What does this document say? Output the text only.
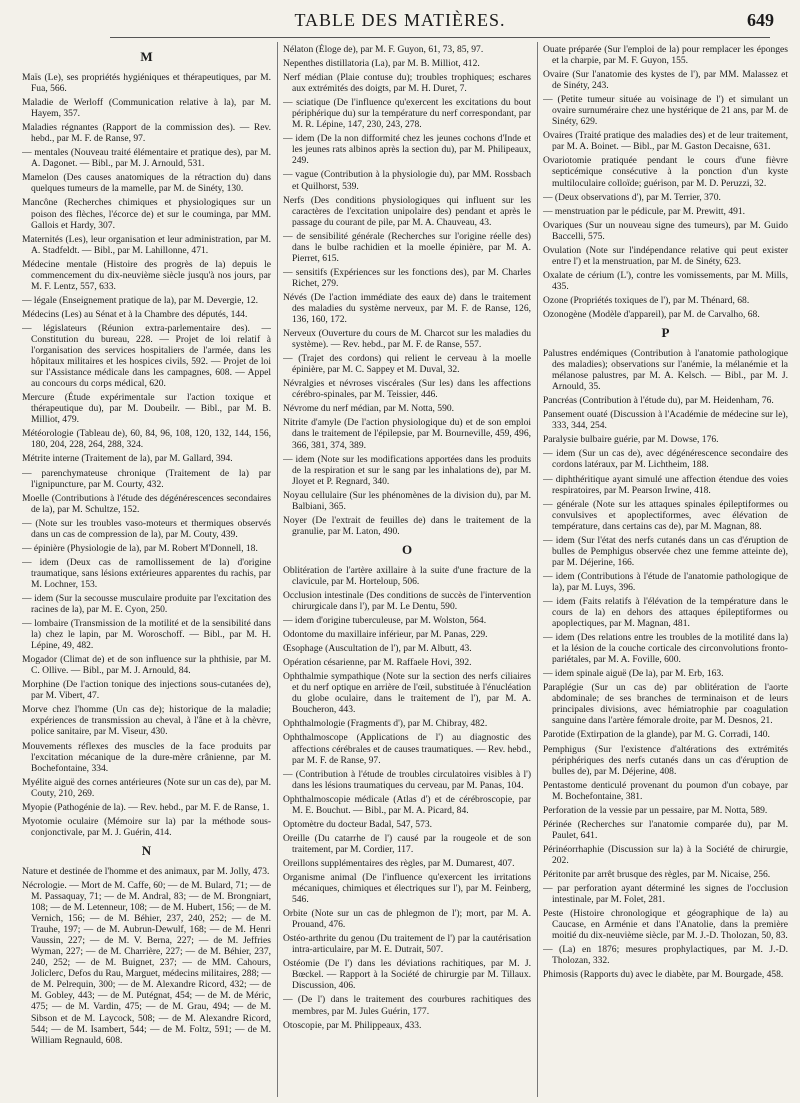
TABLE DES MATIÈRES.	649
M
Maïs (Le), ses propriétés hygiéniques et thérapeutiques, par M. Fua, 566.
Maladie de Werloff (Communication relative à la), par M. Hayem, 357.
Maladies régnantes (Rapport de la commission des). — Rev. hebd., par M. F. de Ranse, 97.
— mentales (Nouveau traité élémentaire et pratique des), par M. A. Dagonet. — Bibl., par M. J. Arnould, 531.
Mamelon (Des causes anatomiques de la rétraction du) dans quelques tumeurs de la mamelle, par M. de Sinéty, 130.
Mancône (Recherches chimiques et physiologiques sur un poison des flèches, l'écorce de) et sur le couminga, par MM. Gallois et Hardy, 307.
Maternités (Les), leur organisation et leur administration, par M. A. Stadfeldt. — Bibl., par M. Lahillonne, 471.
Médecine mentale (Histoire des progrès de la) depuis le commencement du dix-neuvième siècle jusqu'à nos jours, par M. F. Lentz, 557, 633.
— légale (Enseignement pratique de la), par M. Devergie, 12.
Médecins (Les) au Sénat et à la Chambre des députés, 144.
— législateurs (Réunion extra-parlementaire des). — Constitution du bureau, 228. — Projet de loi relatif à l'organisation des services hospitaliers de l'armée, dans les hôpitaux militaires et les hospices civils, 592. — Projet de loi sur l'Assistance médicale dans les campagnes, 608. — Appel au concours du corps médical, 620.
Mercure (Étude expérimentale sur l'action toxique et thérapeutique du), par M. Doubeilr. — Bibl., par M. B. Milliot, 479.
Météorologie (Tableau de), 60, 84, 96, 108, 120, 132, 144, 156, 180, 204, 228, 264, 288, 324.
Métrite interne (Traitement de la), par M. Gallard, 394.
— parenchymateuse chronique (Traitement de la) par l'ignipuncture, par M. Courty, 432.
Moelle (Contributions à l'étude des dégénérescences secondaires de la), par M. Schultze, 152.
— (Note sur les troubles vaso-moteurs et thermiques observés dans un cas de compression de la), par M. Couty, 439.
— épinière (Physiologie de la), par M. Robert M'Donnell, 18.
— idem (Deux cas de ramollissement de la) d'origine traumatique, sans lésions extérieures apparentes du rachis, par M. Lochner, 153.
— idem (Sur la secousse musculaire produite par l'excitation des racines de la), par M. E. Cyon, 250.
— lombaire (Transmission de la motilité et de la sensibilité dans la) chez le lapin, par M. Woroschoff. — Bibl., par M. H. Lépine, 49, 482.
Mogador (Climat de) et de son influence sur la phthisie, par M. C. Ollive. — Bibl., par M. J. Arnould, 84.
Morphine (De l'action tonique des injections sous-cutanées de), par M. Vibert, 47.
Morve chez l'homme (Un cas de); historique de la maladie; expériences de transmission au cheval, à l'âne et à la chèvre, police sanitaire, par M. Viseur, 430.
Mouvements réflexes des muscles de la face produits par l'excitation mécanique de la dure-mère crânienne, par M. Bochefontaine, 334.
Myélite aiguë des cornes antérieures (Note sur un cas de), par M. Couty, 210, 269.
Myopie (Pathogénie de la). — Rev. hebd., par M. F. de Ranse, 1.
Myotomie oculaire (Mémoire sur la) par la méthode sous-conjonctivale, par M. J. Guérin, 414.
N
Nature et destinée de l'homme et des animaux, par M. Jolly, 473.
Nécrologie. — Mort de M. Caffe, 60; — de M. Bulard, 71; — de M. Passaquay, 71; — de M. Andral, 83; — de M. Brongniart, 108; — de M. Letenneur, 108; — de M. Hubert, 156; — de M. Vernich, 156; — de M. Béhier, 237, 240, 252; — de M. Trauhe, 197; — de M. Aubrun-Dewulf, 168; — de M. Henri Vaussin, 227; — de M. V. Berna, 227; — de M. Jeffries Wyman, 227; — de M. Charrière, 227; — de M. Béhier, 237, 240, 252; — de M. Buignet, 237; — de MM. Cahours, Joliclerc, Defos du Rau, Marguet, médecins militaires, 288; — de M. Pelrequin, 300; — de M. Alexandre Ricord, 432; — de M. Gobley, 443; — de M. Putégnat, 454; — de M. de Méric, 475; — de M. Vardin, 475; — de M. Grau, 494; — de M. Sibson et de M. Laycock, 508; — de M. Alexandre Ricord, 544; — de M. Isambert, 544; — de M. Foltz, 591; — de M. William Regnauld, 608.
Nélaton (Éloge de), par M. F. Guyon, 61, 73, 85, 97.
Nepenthes distillatoria (La), par M. B. Milliot, 412.
Nerf médian (Plaie contuse du); troubles trophiques; eschares aux extrémités des doigts, par M. H. Duret, 7.
— sciatique (De l'influence qu'exercent les excitations du bout périphérique du) sur la température du nerf correspondant, par M. R. Lépine, 147, 230, 243, 278.
— idem (De la non difformité chez les jeunes cochons d'Inde et les jeunes rats albinos après la section du), par M. Philipeaux, 249.
— vague (Contribution à la physiologie du), par MM. Rossbach et Quilhorst, 539.
Nerfs (Des conditions physiologiques qui influent sur les caractères de l'excitation unipolaire des) pendant et après le passage du courant de pile, par M. A. Chauveau, 43.
— de sensibilité générale (Recherches sur l'origine réelle des) dans le bulbe rachidien et la moelle épinière, par M. A. Pierret, 615.
— sensitifs (Expériences sur les fonctions des), par M. Charles Richet, 279.
Névés (De l'action immédiate des eaux de) dans le traitement des maladies du système nerveux, par M. F. de Ranse, 126, 136, 160, 172.
Nerveux (Ouverture du cours de M. Charcot sur les maladies du système). — Rev. hebd., par M. F. de Ranse, 557.
— (Trajet des cordons) qui relient le cerveau à la moelle épinière, par M. C. Sappey et M. Duval, 32.
Névralgies et névroses viscérales (Sur les) dans les affections cérébro-spinales, par M. Teissier, 446.
Névrome du nerf médian, par M. Notta, 590.
Nitrite d'amyle (De l'action physiologique du) et de son emploi dans le traitement de l'épilepsie, par M. Bourneville, 459, 496, 366, 381, 374, 389.
— idem (Note sur les modifications apportées dans les produits de la respiration et sur le sang par les inhalations de), par M. Jloyet et P. Regnard, 340.
Noyau cellulaire (Sur les phénomènes de la division du), par M. Balbiani, 365.
Noyer (De l'extrait de feuilles de) dans le traitement de la granulie, par M. Laton, 490.
O
Oblitération de l'artère axillaire à la suite d'une fracture de la clavicule, par M. Horteloup, 506.
Occlusion intestinale (Des conditions de succès de l'intervention chirurgicale dans l'), par M. Le Dentu, 590.
— idem d'origine tuberculeuse, par M. Wolston, 564.
Odontome du maxillaire inférieur, par M. Panas, 229.
Œsophage (Auscultation de l'), par M. Albutt, 43.
Opération césarienne, par M. Raffaele Hovi, 392.
Ophthalmie sympathique (Note sur la section des nerfs ciliaires et du nerf optique en arrière de l'œil, substituée à l'énucléation du globe oculaire, dans le traitement de l'), par M. A. Boucheron, 443.
Ophthalmologie (Fragments d'), par M. Chibray, 482.
Ophthalmoscope (Applications de l') au diagnostic des affections cérébrales et de causes traumatiques. — Rev. hebd., par M. F. de Ranse, 97.
— (Contribution à l'étude de troubles circulatoires visibles à l') dans les lésions traumatiques du cerveau, par M. Panas, 104.
Ophthalmoscopie médicale (Atlas d') et de cérébroscopie, par M. E. Bouchut. — Bibl., par M. A. Picard, 84.
Optomètre du docteur Badal, 547, 573.
Oreille (Du catarrhe de l') causé par la rougeole et de son traitement, par M. Cordier, 117.
Oreillons supplémentaires des règles, par M. Dumarest, 407.
Organisme animal (De l'influence qu'exercent les irritations mécaniques, chimiques et électriques sur l'), par M. Feinberg, 546.
Orbite (Note sur un cas de phlegmon de l'); mort, par M. A. Prouand, 476.
Ostéo-arthrite du genou (Du traitement de l') par la cautérisation intra-articulaire, par M. E. Dutrait, 507.
Ostéomie (De l') dans les déviations rachitiques, par M. J. Bœckel. — Rapport à la Société de chirurgie par M. Tillaux. Discussion, 406.
— (De l') dans le traitement des courbures rachitiques des membres, par M. Jules Guérin, 177.
Otoscopie, par M. Philippeaux, 433.
Ouate préparée (Sur l'emploi de la) pour remplacer les éponges et la charpie, par M. F. Guyon, 155.
Ovaire (Sur l'anatomie des kystes de l'), par MM. Malassez et de Sinéty, 243.
— (Petite tumeur située au voisinage de l') et simulant un ovaire surnuméraire chez une hystérique de 21 ans, par M. de Sinéty, 629.
Ovaires (Traité pratique des maladies des) et de leur traitement, par M. A. Boinet. — Bibl., par M. Gaston Decaisne, 631.
Ovariotomie pratiquée pendant le cours d'une fièvre septicémique consécutive à la ponction d'un kyste multiloculaire colloïde; guérison, par M. D. Peruzzi, 32.
— (Deux observations d'), par M. Terrier, 370.
— menstruation par le pédicule, par M. Prewitt, 491.
Ovariques (Sur un nouveau signe des tumeurs), par M. Guido Baccelli, 575.
Ovulation (Note sur l'indépendance relative qui peut exister entre l') et la menstruation, par M. de Sinéty, 623.
Oxalate de cérium (L'), contre les vomissements, par M. Mills, 435.
Ozone (Propriétés toxiques de l'), par M. Thénard, 68.
Ozonogène (Modèle d'appareil), par M. de Carvalho, 68.
P
Palustres endémiques (Contribution à l'anatomie pathologique des maladies); observations sur l'anémie, la mélanémie et la mélanose palustres, par M. A. Kelsch. — Bibl., par M. J. Arnould, 35.
Pancréas (Contribution à l'étude du), par M. Heidenham, 76.
Pansement ouaté (Discussion à l'Académie de médecine sur le), 333, 344, 254.
Paralysie bulbaire guérie, par M. Dowse, 176.
— idem (Sur un cas de), avec dégénérescence secondaire des cordons latéraux, par M. Lichtheim, 188.
— diphthéritique ayant simulé une affection étendue des voies respiratoires, par M. Pearson Irwine, 418.
— générale (Note sur les attaques spinales épileptiformes ou convulsives et apoplectiformes, avec élévation de température, dans certains cas de), par M. Magnan, 88.
— idem (Sur l'état des nerfs cutanés dans un cas d'éruption de bulles de Pemphigus observée chez une femme atteinte de), par M. Déjerine, 166.
— idem (Contributions à l'étude de l'anatomie pathologique de la), par M. Luys, 396.
— idem (Faits relatifs à l'élévation de la température dans le cours de la) en dehors des attaques épileptiformes ou apoplectiques, par M. Magnan, 481.
— idem (Des relations entre les troubles de la motilité dans la) et la lésion de la couche corticale des circonvolutions fronto-pariétales, par M. A. Foville, 600.
— idem spinale aiguë (De la), par M. Erb, 163.
Paraplégie (Sur un cas de) par oblitération de l'aorte abdominale; de ses branches de terminaison et de leurs principales divisions, avec hémiatrophie par coagulation sanguine dans l'artère fémorale droite, par M. Desnos, 21.
Parotide (Extirpation de la glande), par M. G. Corradi, 140.
Pemphigus (Sur l'existence d'altérations des extrémités périphériques des nerfs cutanés dans un cas d'éruption de bulles de), par M. Déjerine, 408.
Pentastome denticulé provenant du poumon d'un cobaye, par M. Bochefontaine, 381.
Perforation de la vessie par un pessaire, par M. Notta, 589.
Périnée (Recherches sur l'anatomie comparée du), par M. Paulet, 641.
Périnéorrhaphie (Discussion sur la) à la Société de chirurgie, 202.
Péritonite par arrêt brusque des règles, par M. Nicaise, 256.
— par perforation ayant déterminé les signes de l'occlusion intestinale, par M. Folet, 281.
Peste (Histoire chronologique et géographique de la) au Caucase, en Arménie et dans l'Anatolie, dans la première moitié du dix-neuvième siècle, par M. J.-D. Tholozan, 50, 83.
— (La) en 1876; mesures prophylactiques, par M. J.-D. Tholozan, 332.
Phimosis (Rapports du) avec le diabète, par M. Bourgade, 458.
